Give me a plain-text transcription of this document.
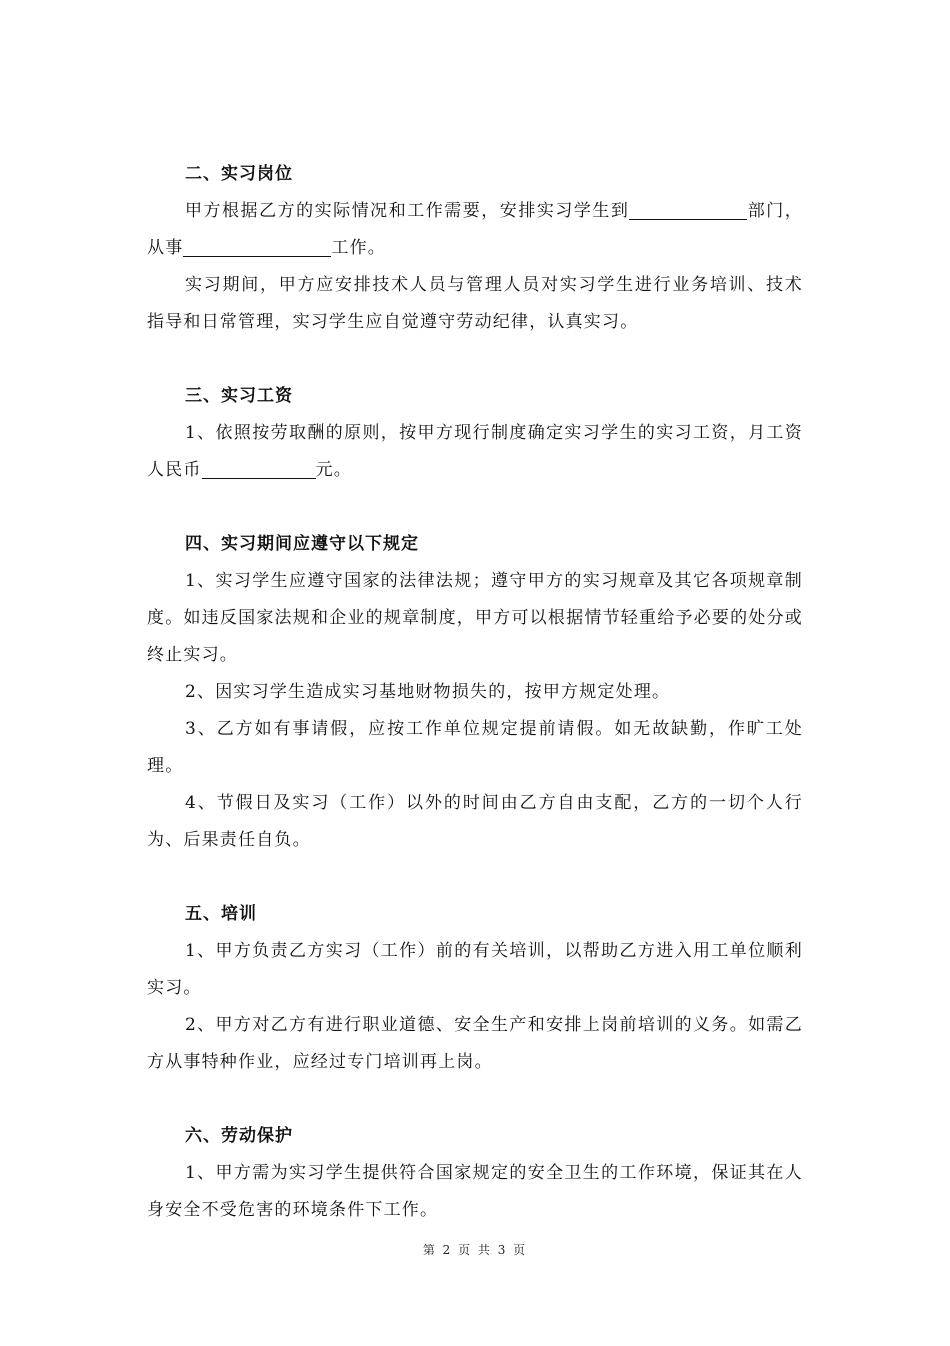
二、实习岗位

甲方根据乙方的实际情况和工作需要，安排实习学生到	部门，从事	工作。

实习期间，甲方应安排技术人员与管理人员对实习学生进行业务培训、技术指导和日常管理，实习学生应自觉遵守劳动纪律，认真实习。

三、实习工资

1、依照按劳取酬的原则，按甲方现行制度确定实习学生的实习工资，月工资人民币	元。

四、实习期间应遵守以下规定

1、实习学生应遵守国家的法律法规；遵守甲方的实习规章及其它各项规章制度。如违反国家法规和企业的规章制度，甲方可以根据情节轻重给予必要的处分或终止实习。

2、因实习学生造成实习基地财物损失的，按甲方规定处理。

3、乙方如有事请假，应按工作单位规定提前请假。如无故缺勤，作旷工处理。

4、节假日及实习（工作）以外的时间由乙方自由支配，乙方的一切个人行为、后果责任自负。

五、培训

1、甲方负责乙方实习（工作）前的有关培训，以帮助乙方进入用工单位顺利实习。

2、甲方对乙方有进行职业道德、安全生产和安排上岗前培训的义务。如需乙方从事特种作业，应经过专门培训再上岗。

六、劳动保护

1、甲方需为实习学生提供符合国家规定的安全卫生的工作环境，保证其在人身安全不受危害的环境条件下工作。

第 2 页 共 3 页
